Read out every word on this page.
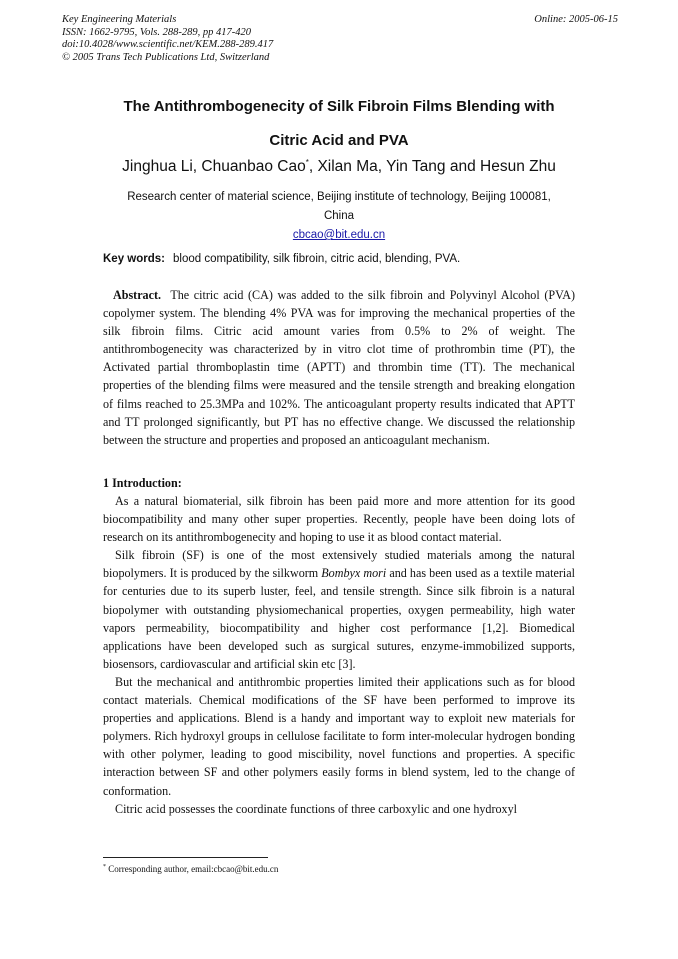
Key Engineering Materials
ISSN: 1662-9795, Vols. 288-289, pp 417-420
doi:10.4028/www.scientific.net/KEM.288-289.417
© 2005 Trans Tech Publications Ltd, Switzerland
Online: 2005-06-15
The Antithrombogenecity of Silk Fibroin Films Blending with
Citric Acid and PVA
Jinghua Li, Chuanbao Cao*, Xilan Ma, Yin Tang and Hesun Zhu
Research center of material science, Beijing institute of technology, Beijing 100081,
China
cbcao@bit.edu.cn
Key words: blood compatibility, silk fibroin, citric acid, blending, PVA.

Abstract. The citric acid (CA) was added to the silk fibroin and Polyvinyl Alcohol (PVA) copolymer system. The blending 4% PVA was for improving the mechanical properties of the silk fibroin films. Citric acid amount varies from 0.5% to 2% of weight. The antithrombogenecity was characterized by in vitro clot time of prothrombin time (PT), the Activated partial thromboplastin time (APTT) and thrombin time (TT). The mechanical properties of the blending films were measured and the tensile strength and breaking elongation of films reached to 25.3MPa and 102%. The anticoagulant property results indicated that APTT and TT prolonged significantly, but PT has no effective change. We discussed the relationship between the structure and properties and proposed an anticoagulant mechanism.

1 Introduction:

As a natural biomaterial, silk fibroin has been paid more and more attention for its good biocompatibility and many other super properties. Recently, people have been doing lots of research on its antithrombogenecity and hoping to use it as blood contact material.

Silk fibroin (SF) is one of the most extensively studied materials among the natural biopolymers. It is produced by the silkworm Bombyx mori and has been used as a textile material for centuries due to its superb luster, feel, and tensile strength. Since silk fibroin is a natural biopolymer with outstanding physiomechanical properties, oxygen permeability, high water vapors permeability, biocompatibility and higher cost performance [1,2]. Biomedical applications have been developed such as surgical sutures, enzyme-immobilized supports, biosensors, cardiovascular and artificial skin etc [3].

But the mechanical and antithrombic properties limited their applications such as for blood contact materials. Chemical modifications of the SF have been performed to improve its properties and applications. Blend is a handy and important way to exploit new materials for polymers. Rich hydroxyl groups in cellulose facilitate to form inter-molecular hydrogen bonding with other polymer, leading to good miscibility, novel functions and properties. A specific interaction between SF and other polymers easily forms in blend system, led to the change of conformation.

Citric acid possesses the coordinate functions of three carboxylic and one hydroxyl

* Corresponding author, email:cbcao@bit.edu.cn
